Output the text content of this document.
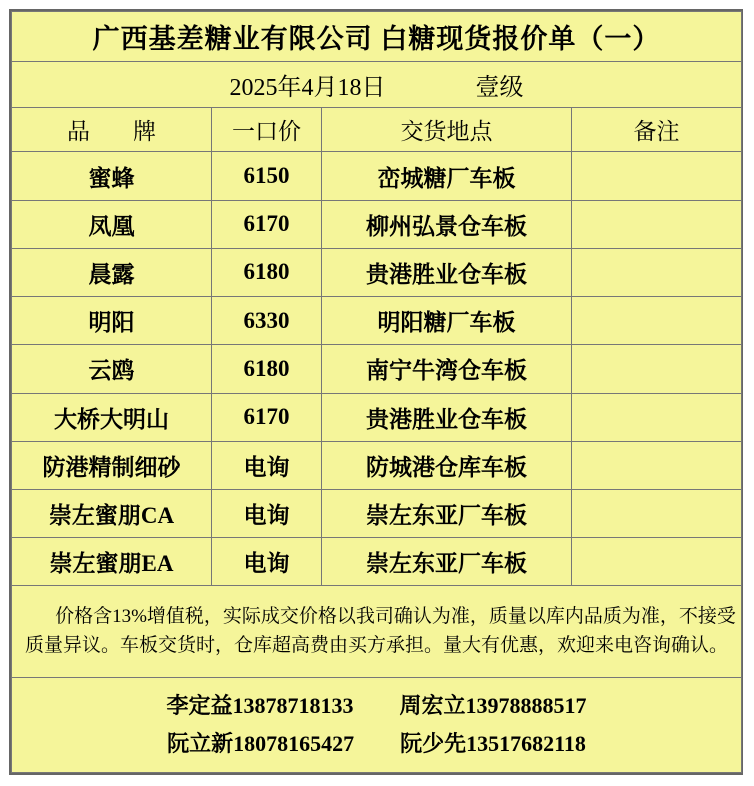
广西基差糖业有限公司 白糖现货报价单（一）			

2025年4月18日 壹级			

品　牌	一口价	交货地点	备注
蜜蜂	6150	峦城糖厂车板	
凤凰	6170	柳州弘景仓车板	
晨露	6180	贵港胜业仓车板	
明阳	6330	明阳糖厂车板	
云鸥	6180	南宁牛湾仓车板	
大桥大明山	6170	贵港胜业仓车板	
防港精制细砂	电询	防城港仓库车板	
崇左蜜朋CA	电询	崇左东亚厂车板	
崇左蜜朋EA	电询	崇左东亚厂车板	

价格含13%增值税，实际成交价格以我司确认为准，质量以库内品质为准，不接受质量异议。车板交货时，仓库超高费由买方承担。量大有优惠，欢迎来电咨询确认。			

李定益13878718133 周宏立13978888517
阮立新18078165427 阮少先13517682118			
